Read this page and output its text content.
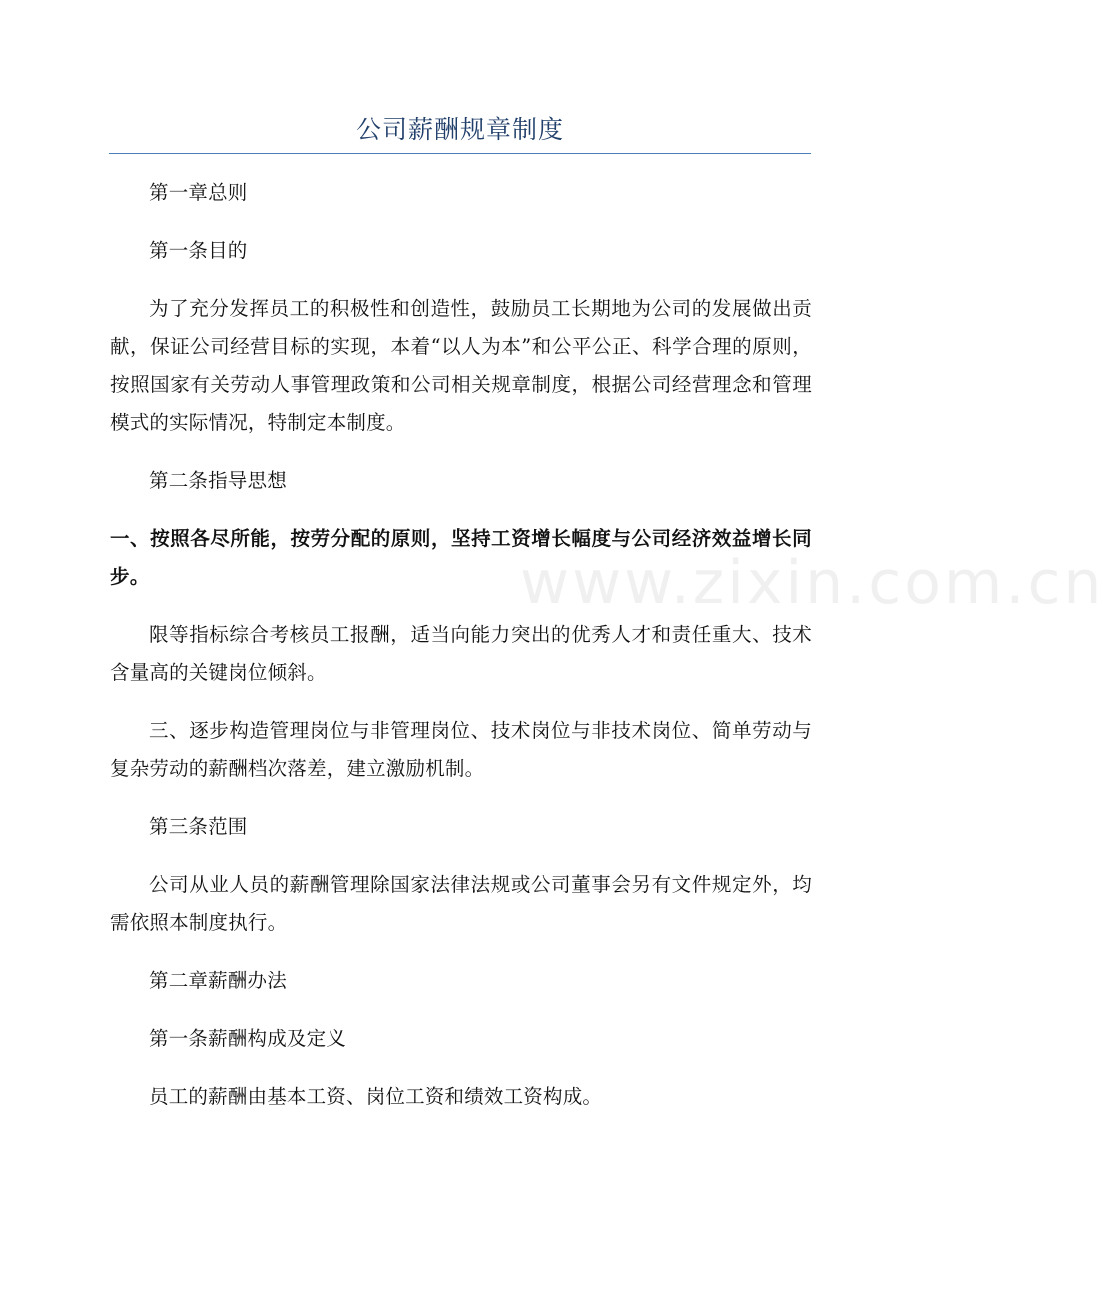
www.zixin.com.cn
公司薪酬规章制度

第一章总则

第一条目的

为了充分发挥员工的积极性和创造性，鼓励员工长期地为公司的发展做出贡献，保证公司经营目标的实现，本着“以人为本”和公平公正、科学合理的原则，按照国家有关劳动人事管理政策和公司相关规章制度，根据公司经营理念和管理模式的实际情况，特制定本制度。

第二条指导思想

一、按照各尽所能，按劳分配的原则，坚持工资增长幅度与公司经济效益增长同步。

限等指标综合考核员工报酬，适当向能力突出的优秀人才和责任重大、技术含量高的关键岗位倾斜。

三、逐步构造管理岗位与非管理岗位、技术岗位与非技术岗位、简单劳动与复杂劳动的薪酬档次落差，建立激励机制。

第三条范围

公司从业人员的薪酬管理除国家法律法规或公司董事会另有文件规定外，均需依照本制度执行。

第二章薪酬办法

第一条薪酬构成及定义

员工的薪酬由基本工资、岗位工资和绩效工资构成。
